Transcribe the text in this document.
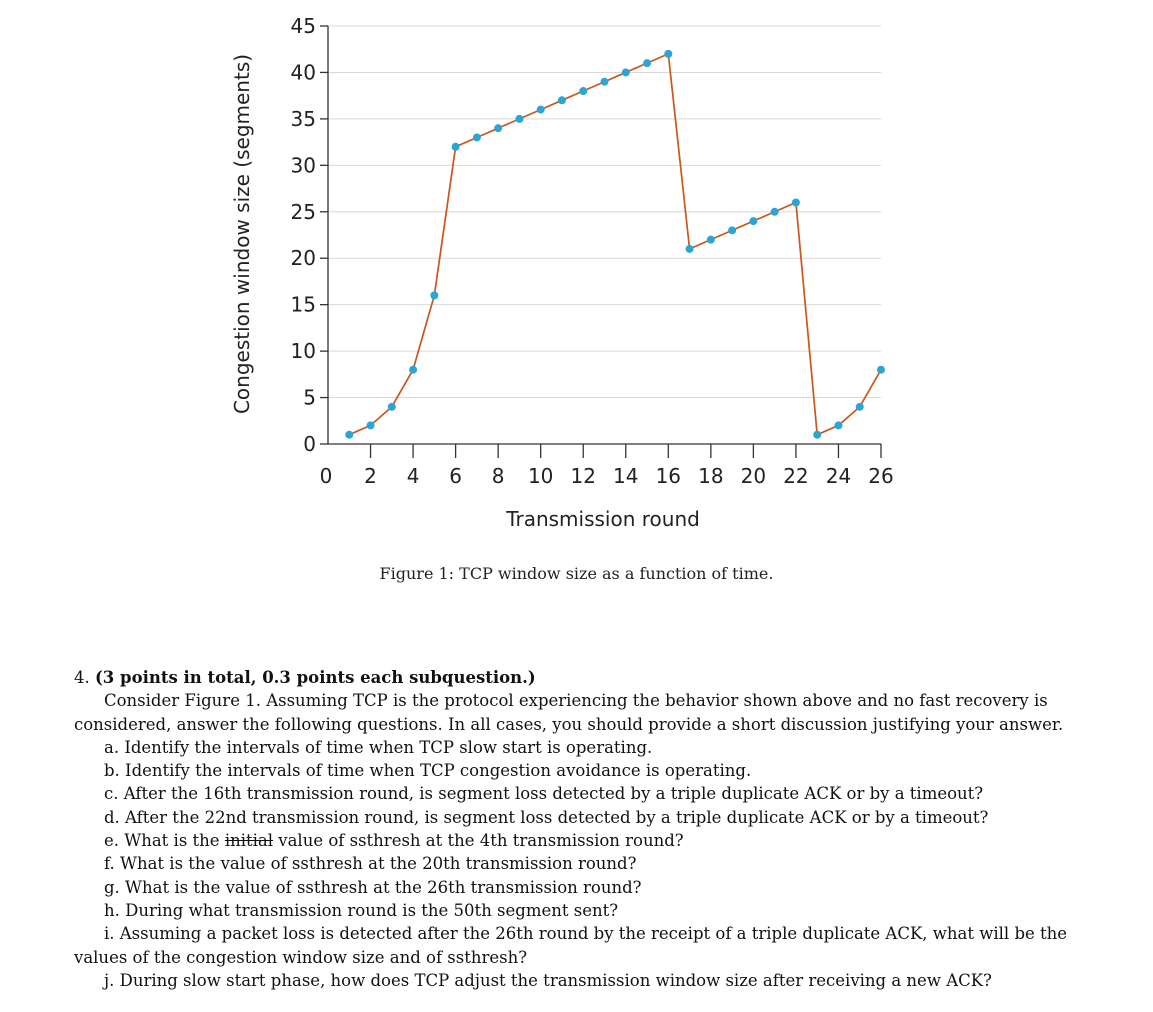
0
5
10
15
20
25
30
35
40
45
0 2 4 6 8 10 12 14 16 18 20 22 24 26
Transmission round
Congestion window size (segments)
Figure 1: TCP window size as a function of time.

4. (3 points in total, 0.3 points each subquestion.)

Consider Figure 1. Assuming TCP is the protocol experiencing the behavior shown above and no fast recovery is considered, answer the following questions. In all cases, you should provide a short discussion justifying your answer.

a. Identify the intervals of time when TCP slow start is operating.

b. Identify the intervals of time when TCP congestion avoidance is operating.

c. After the 16th transmission round, is segment loss detected by a triple duplicate ACK or by a timeout?

d. After the 22nd transmission round, is segment loss detected by a triple duplicate ACK or by a timeout?

e. What is the initial value of ssthresh at the 4th transmission round?

f. What is the value of ssthresh at the 20th transmission round?

g. What is the value of ssthresh at the 26th transmission round?

h. During what transmission round is the 50th segment sent?

i. Assuming a packet loss is detected after the 26th round by the receipt of a triple duplicate ACK, what will be the values of the congestion window size and of ssthresh?

j. During slow start phase, how does TCP adjust the transmission window size after receiving a new ACK?
